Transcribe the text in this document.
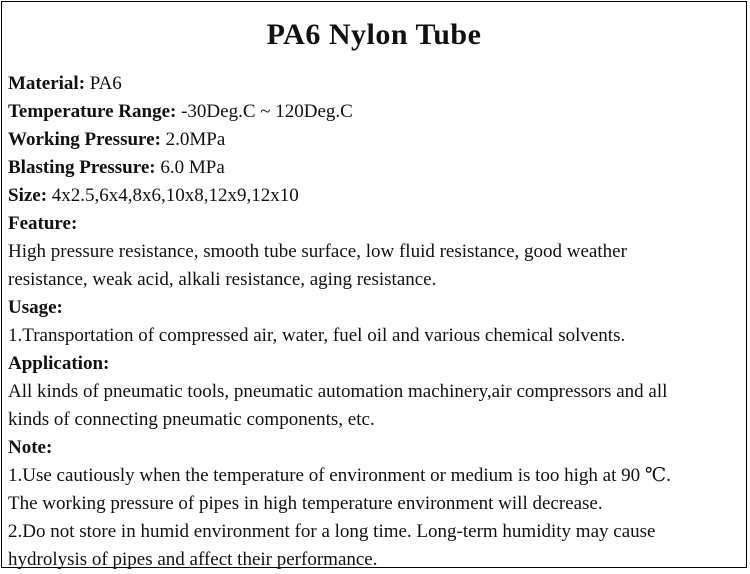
PA6 Nylon Tube
Material: PA6
Temperature Range: -30Deg.C ~ 120Deg.C
Working Pressure: 2.0MPa
Blasting Pressure: 6.0 MPa
Size: 4x2.5,6x4,8x6,10x8,12x9,12x10
Feature:

High pressure resistance, smooth tube surface, low fluid resistance, good weather

resistance, weak acid, alkali resistance, aging resistance.

Usage:

1.Transportation of compressed air, water, fuel oil and various chemical solvents.

Application:

All kinds of pneumatic tools, pneumatic automation machinery,air compressors and all

kinds of connecting pneumatic components, etc.

Note:

1.Use cautiously when the temperature of environment or medium is too high at 90 ℃.

The working pressure of pipes in high temperature environment will decrease.

2.Do not store in humid environment for a long time. Long-term humidity may cause

hydrolysis of pipes and affect their performance.
